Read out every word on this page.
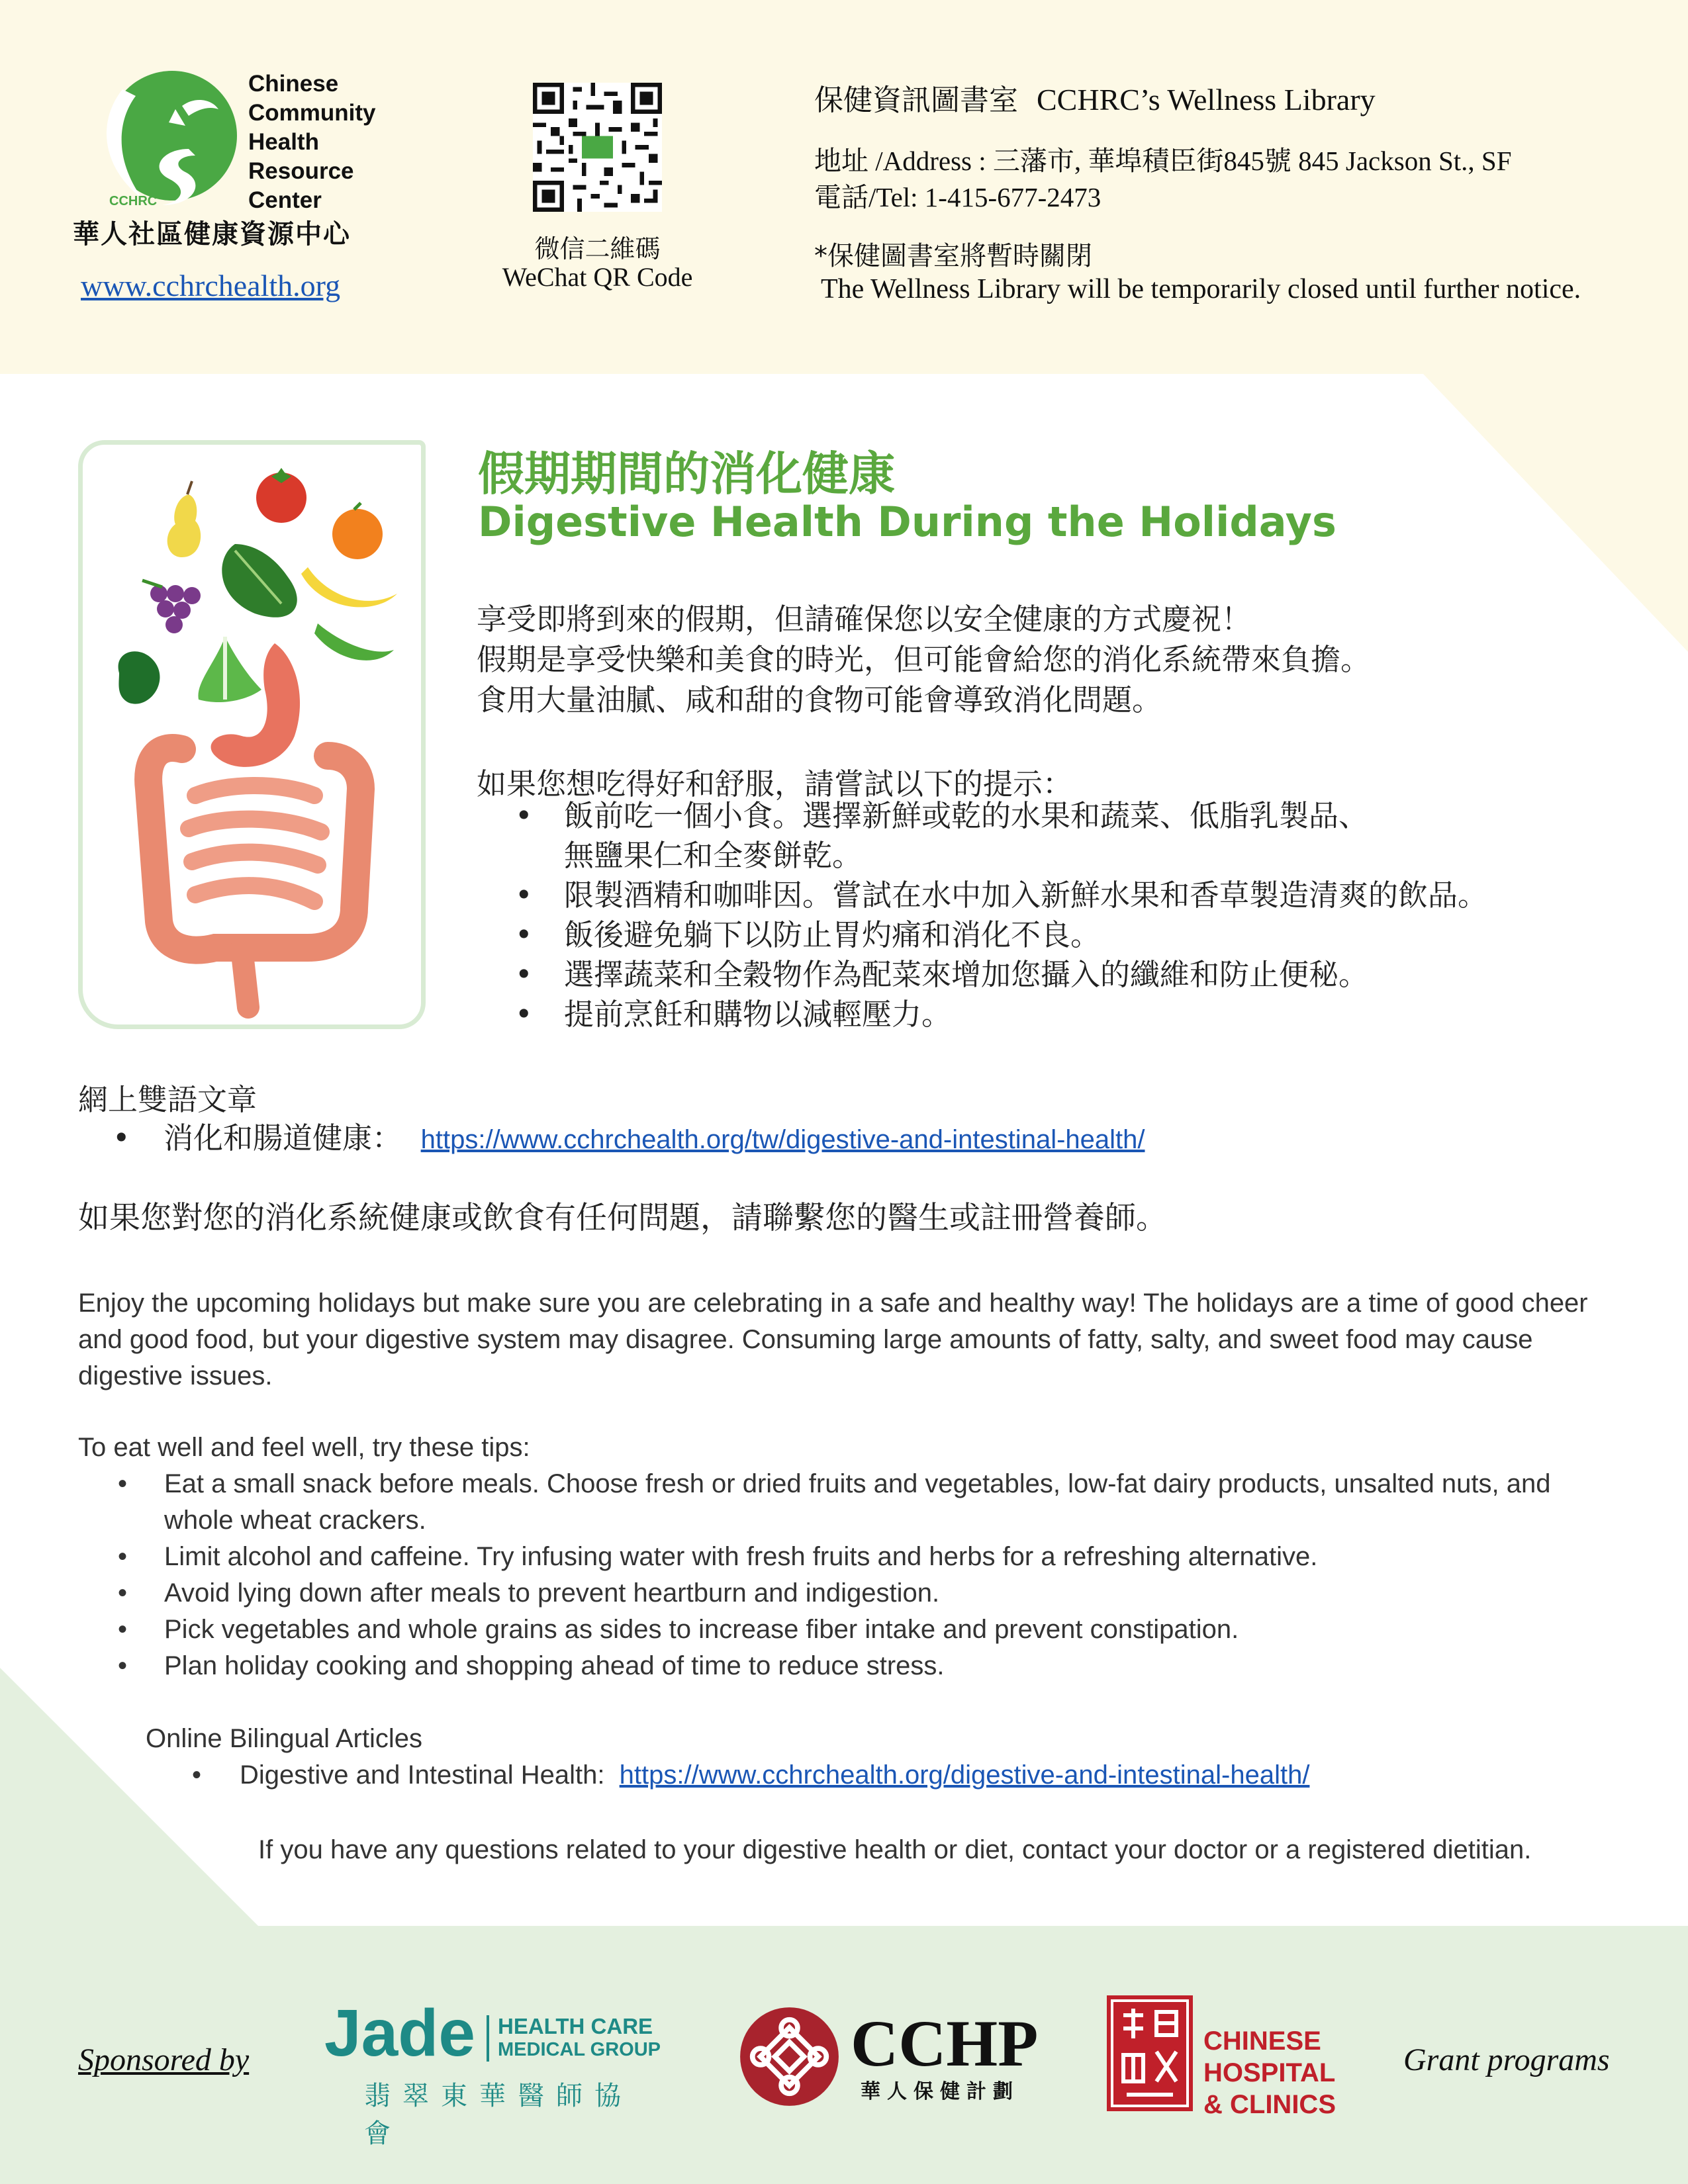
CCHRC
Chinese
Community
Health
Resource
Center
華人社區健康資源中心
www.cchrchealth.org
微信二維碼
WeChat QR Code
保健資訊圖書室 CCHRC’s Wellness Library
地址 /Address : 三藩市, 華埠積臣街845號 845 Jackson St., SF
電話/Tel: 1-415-677-2473
*保健圖書室將暫時關閉
The Wellness Library will be temporarily closed until further notice.
假期期間的消化健康
Digestive Health During the Holidays
享受即將到來的假期，但請確保您以安全健康的方式慶祝！
假期是享受快樂和美食的時光，但可能會給您的消化系統帶來負擔。
食用大量油膩、咸和甜的食物可能會導致消化問題。
如果您想吃得好和舒服，請嘗試以下的提示：
• 飯前吃一個小食。選擇新鮮或乾的水果和蔬菜、低脂乳製品、
無鹽果仁和全麥餅乾。
• 限製酒精和咖啡因。嘗試在水中加入新鮮水果和香草製造清爽的飲品。
• 飯後避免躺下以防止胃灼痛和消化不良。
• 選擇蔬菜和全穀物作為配菜來增加您攝入的纖維和防止便秘。
• 提前烹飪和購物以減輕壓力。
網上雙語文章
• 消化和腸道健康： https://www.cchrchealth.org/tw/digestive-and-intestinal-health/
如果您對您的消化系統健康或飲食有任何問題，請聯繫您的醫生或註冊營養師。
Enjoy the upcoming holidays but make sure you are celebrating in a safe and healthy way! The holidays are a time of good cheer and good food, but your digestive system may disagree. Consuming large amounts of fatty, salty, and sweet food may cause digestive issues.
To eat well and feel well, try these tips:
• Eat a small snack before meals. Choose fresh or dried fruits and vegetables, low-fat dairy products, unsalted nuts, and whole wheat crackers.
• Limit alcohol and caffeine. Try infusing water with fresh fruits and herbs for a refreshing alternative.
• Avoid lying down after meals to prevent heartburn and indigestion.
• Pick vegetables and whole grains as sides to increase fiber intake and prevent constipation.
• Plan holiday cooking and shopping ahead of time to reduce stress.
Online Bilingual Articles
• Digestive and Intestinal Health: https://www.cchrchealth.org/digestive-and-intestinal-health/
If you have any questions related to your digestive health or diet, contact your doctor or a registered dietitian.
Sponsored by Jade HEALTH CARE
MEDICAL GROUP
翡翠東華醫師協會
CCHP
華人保健計劃
CHINESE
HOSPITAL
& CLINICS
Grant programs
